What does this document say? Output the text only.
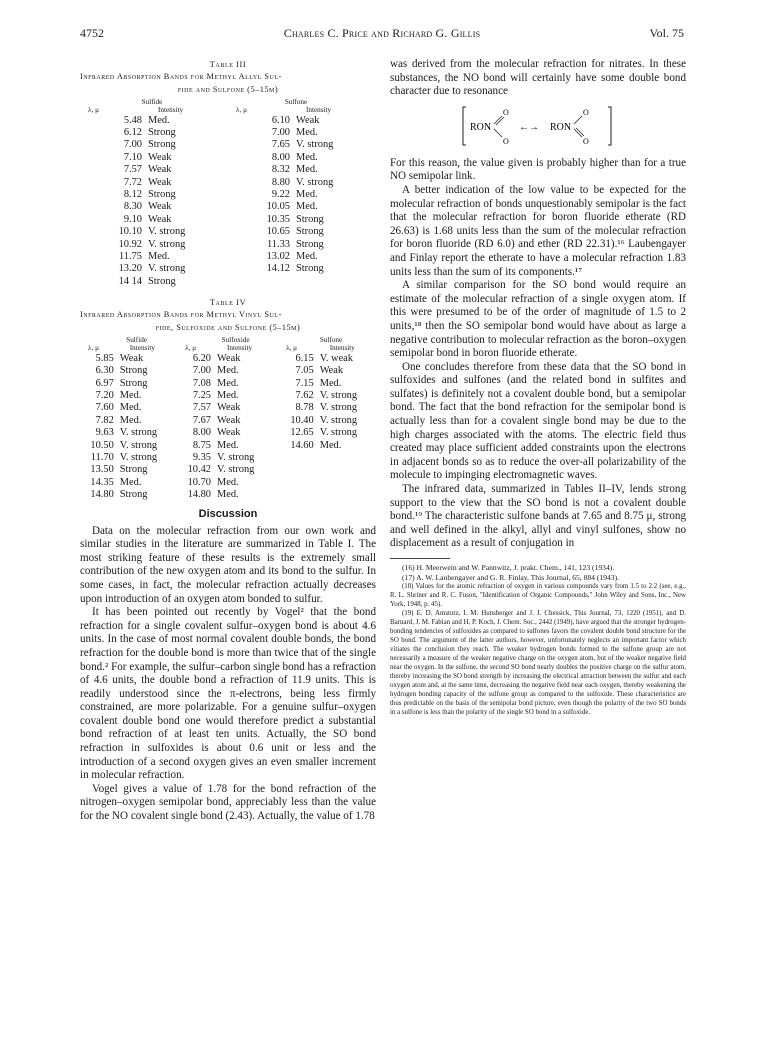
4752	Charles C. Price and Richard G. Gillis	Vol. 75
Table III
Infrared Absorption Bands for Methyl Allyl Sul-
fide and Sulfone (5–15μ)
Sulfide		Sulfone	
λ, μ	Intensity	λ, μ	Intensity
5.48	Med.	6.10	Weak
6.12	Strong	7.00	Med.
7.00	Strong	7.65	V. strong
7.10	Weak	8.00	Med.
7.57	Weak	8.32	Med.
7.72	Weak	8.80	V. strong
8.12	Strong	9.22	Med.
8.30	Weak	10.05	Med.
9.10	Weak	10.35	Strong
10.10	V. strong	10.65	Strong
10.92	V. strong	11.33	Strong
11.75	Med.	13.02	Med.
13.20	V. strong	14.12	Strong
14 14	Strong		
Table IV
Infrared Absorption Bands for Methyl Vinyl Sul-
fide, Sulfoxide and Sulfone (5–15μ)
Sulfide		Sulfoxide		Sulfone	
λ, μ	Intensity	λ, μ	Intensity	λ, μ	Intensity
5.85	Weak	6.20	Weak	6.15	V. weak
6.30	Strong	7.00	Med.	7.05	Weak
6.97	Strong	7.08	Med.	7.15	Med.
7.20	Med.	7.25	Med.	7.62	V. strong
7.60	Med.	7.57	Weak	8.78	V. strong
7.82	Med.	7.67	Weak	10.40	V. strong
9.63	V. strong	8.00	Weak	12.65	V. strong
10.50	V. strong	8.75	Med.	14.60	Med.
11.70	V. strong	9.35	V. strong		
13.50	Strong	10.42	V. strong		
14.35	Med.	10.70	Med.		
14.80	Strong	14.80	Med.		
Discussion

Data on the molecular refraction from our own work and similar studies in the literature are summarized in Table I. The most striking feature of these results is the extremely small contribution of the new oxygen atom and its bond to the sulfur. In some cases, in fact, the molecular refraction actually decreases upon introduction of an oxygen atom bonded to sulfur.

It has been pointed out recently by Vogel² that the bond refraction for a single covalent sulfur–oxygen bond is about 4.6 units. In the case of most normal covalent double bonds, the bond refraction for the double bond is more than twice that of the single bond.² For example, the sulfur–carbon single bond has a refraction of 4.6 units, the double bond a refraction of 11.9 units. This is readily understood since the π-electrons, being less firmly constrained, are more polarizable. For a genuine sulfur–oxygen covalent double bond one would therefore predict a substantial bond refraction of at least ten units. Actually, the SO bond refraction in sulfoxides is about 0.6 unit or less and the introduction of a second oxygen gives an even smaller increment in molecular refraction.

Vogel gives a value of 1.78 for the bond refraction of the nitrogen–oxygen semipolar bond, appreciably less than the value for the NO covalent single bond (2.43). Actually, the value of 1.78

was derived from the molecular refraction for nitrates. In these substances, the NO bond will certainly have some double bond character due to resonance

RON
O
O
←→ RON
O
O

For this reason, the value given is probably higher than for a true NO semipolar link.

A better indication of the low value to be expected for the molecular refraction of bonds unquestionably semipolar is the fact that the molecular refraction for boron fluoride etherate (RD 26.63) is 1.68 units less than the sum of the molecular refraction for boron fluoride (RD 6.0) and ether (RD 22.31).¹⁶ Laubengayer and Finlay report the etherate to have a molecular refraction 1.83 units less than the sum of its components.¹⁷

A similar comparison for the SO bond would require an estimate of the molecular refraction of a single oxygen atom. If this were presumed to be of the order of magnitude of 1.5 to 2 units,¹⁸ then the SO semipolar bond would have about as large a negative contribution to molecular refraction as the boron–oxygen semipolar bond in boron fluoride etherate.

One concludes therefore from these data that the SO bond in sulfoxides and sulfones (and the related bond in sulfites and sulfates) is definitely not a covalent double bond, but a semipolar bond. The fact that the bond refraction for the semipolar bond is actually less than for a covalent single bond may be due to the high charges associated with the atoms. The electric field thus created may place sufficient added constraints upon the electrons in adjacent bonds so as to reduce the over-all polarizability of the molecule to impinging electromagnetic waves.

The infrared data, summarized in Tables II–IV, lends strong support to the view that the SO bond is not a covalent double bond.¹⁹ The characteristic sulfone bands at 7.65 and 8.75 μ, strong and well defined in the alkyl, allyl and vinyl sulfones, show no displacement as a result of conjugation in

(16) H. Meerwein and W. Pannwitz, J. prakt. Chem., 141, 123 (1934).

(17) A. W. Laubengayer and G. R. Finlay, This Journal, 65, 884 (1943).

(18) Values for the atomic refraction of oxygen in various compounds vary from 1.5 to 2.2 (see, e.g., R. L. Shriner and R. C. Fuson, "Identification of Organic Compounds," John Wiley and Sons, Inc., New York, 1948, p. 45).

(19) E. D. Amstutz, I. M. Hunsberger and J. J. Chessick, This Journal, 73, 1220 (1951), and D. Barnard, J. M. Fabian and H. P. Koch, J. Chem. Soc., 2442 (1949), have argued that the stronger hydrogen-bonding tendencies of sulfoxides as compared to sulfones favors the covalent double bond structure for the SO bond. The argument of the latter authors, however, unfortunately neglects an important factor which vitiates the conclusion they reach. The weaker hydrogen bonds formed to the sulfone group are not necessarily a measure of the weaker negative charge on the oxygen atom, but of the weaker negative field near the oxygen. In the sulfone, the second SO bond nearly doubles the positive charge on the sulfur atom, thereby increasing the SO bond strength by increasing the electrical attraction between the sulfur and each oxygen atom and, at the same time, decreasing the negative field near each oxygen, thereby weakening the hydrogen bonding capacity of the sulfone group as compared to the sulfoxide. These characteristics are thus predictable on the basis of the semipolar bond picture, even though the polarity of the two SO bonds in a sulfone is less than the polarity of the single SO bond in a sulfoxide.
